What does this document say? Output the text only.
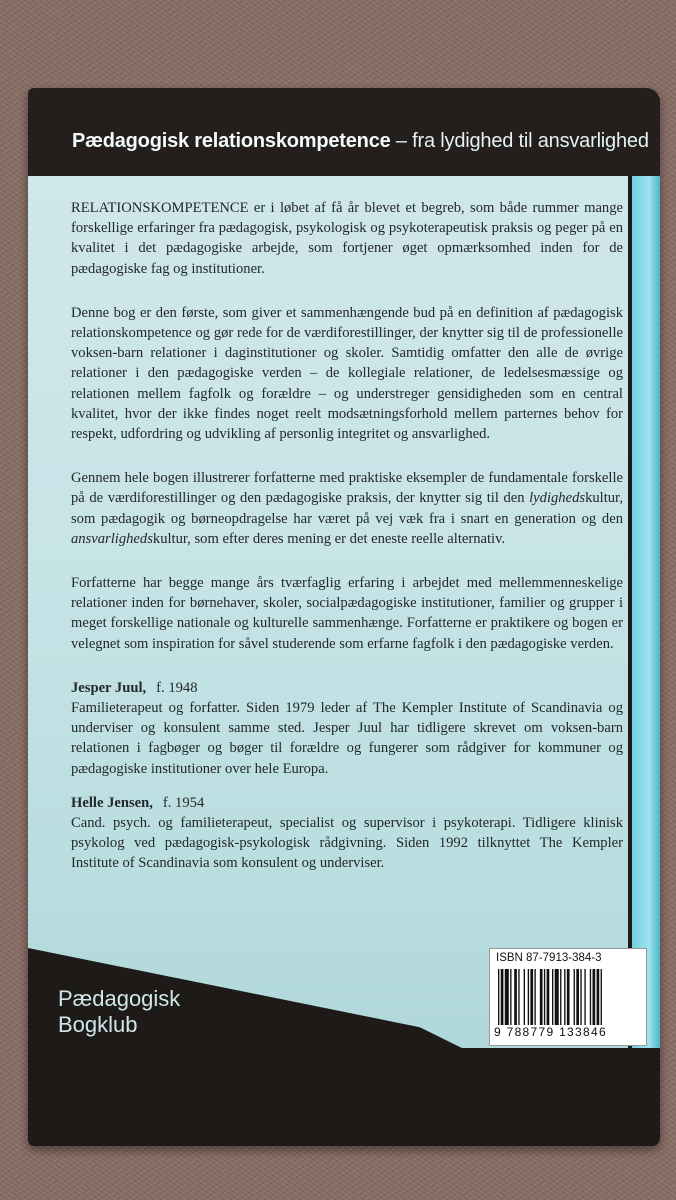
Pædagogisk relationskompetence – fra lydighed til ansvarlighed

RELATIONSKOMPETENCE er i løbet af få år blevet et begreb, som både rummer mange forskellige erfaringer fra pædagogisk, psykologisk og psykoterapeutisk praksis og peger på en kvalitet i det pædagogiske arbejde, som fortjener øget opmærksomhed inden for de pædagogiske fag og institutioner.

Denne bog er den første, som giver et sammenhængende bud på en definition af pædagogisk relationskompetence og gør rede for de værdiforestillinger, der knytter sig til de professionelle voksen-barn relationer i daginstitutioner og skoler. Samtidig omfatter den alle de øvrige relationer i den pædagogiske verden – de kollegiale relationer, de ledelsesmæssige og relationen mellem fagfolk og forældre – og understreger gensidigheden som en central kvalitet, hvor der ikke findes noget reelt modsætningsforhold mellem parternes behov for respekt, udfordring og udvikling af personlig integritet og ansvarlighed.

Gennem hele bogen illustrerer forfatterne med praktiske eksempler de fundamentale forskelle på de værdiforestillinger og den pædagogiske praksis, der knytter sig til den lydighedskultur, som pædagogik og børneopdragelse har været på vej væk fra i snart en generation og den ansvarlighedskultur, som efter deres mening er det eneste reelle alternativ.

Forfatterne har begge mange års tværfaglig erfaring i arbejdet med mellemmenneskelige relationer inden for børnehaver, skoler, socialpædagogiske institutioner, familier og grupper i meget forskellige nationale og kulturelle sammenhænge. Forfatterne er praktikere og bogen er velegnet som inspiration for såvel studerende som erfarne fagfolk i den pædagogiske verden.

Jesper Juul, f. 1948
Familieterapeut og forfatter. Siden 1979 leder af The Kempler Institute of Scandinavia og underviser og konsulent samme sted. Jesper Juul har tidligere skrevet om voksen-barn relationen i fagbøger og bøger til forældre og fungerer som rådgiver for kommuner og pædagogiske institutioner over hele Europa.
Helle Jensen, f. 1954
Cand. psych. og familieterapeut, specialist og supervisor i psykoterapi. Tidligere klinisk psykolog ved pædagogisk-psykologisk rådgivning. Siden 1992 tilknyttet The Kempler Institute of Scandinavia som konsulent og underviser.
Pædagogisk
Bogklub
ISBN 87-7913-384-3
9 788779 133846
